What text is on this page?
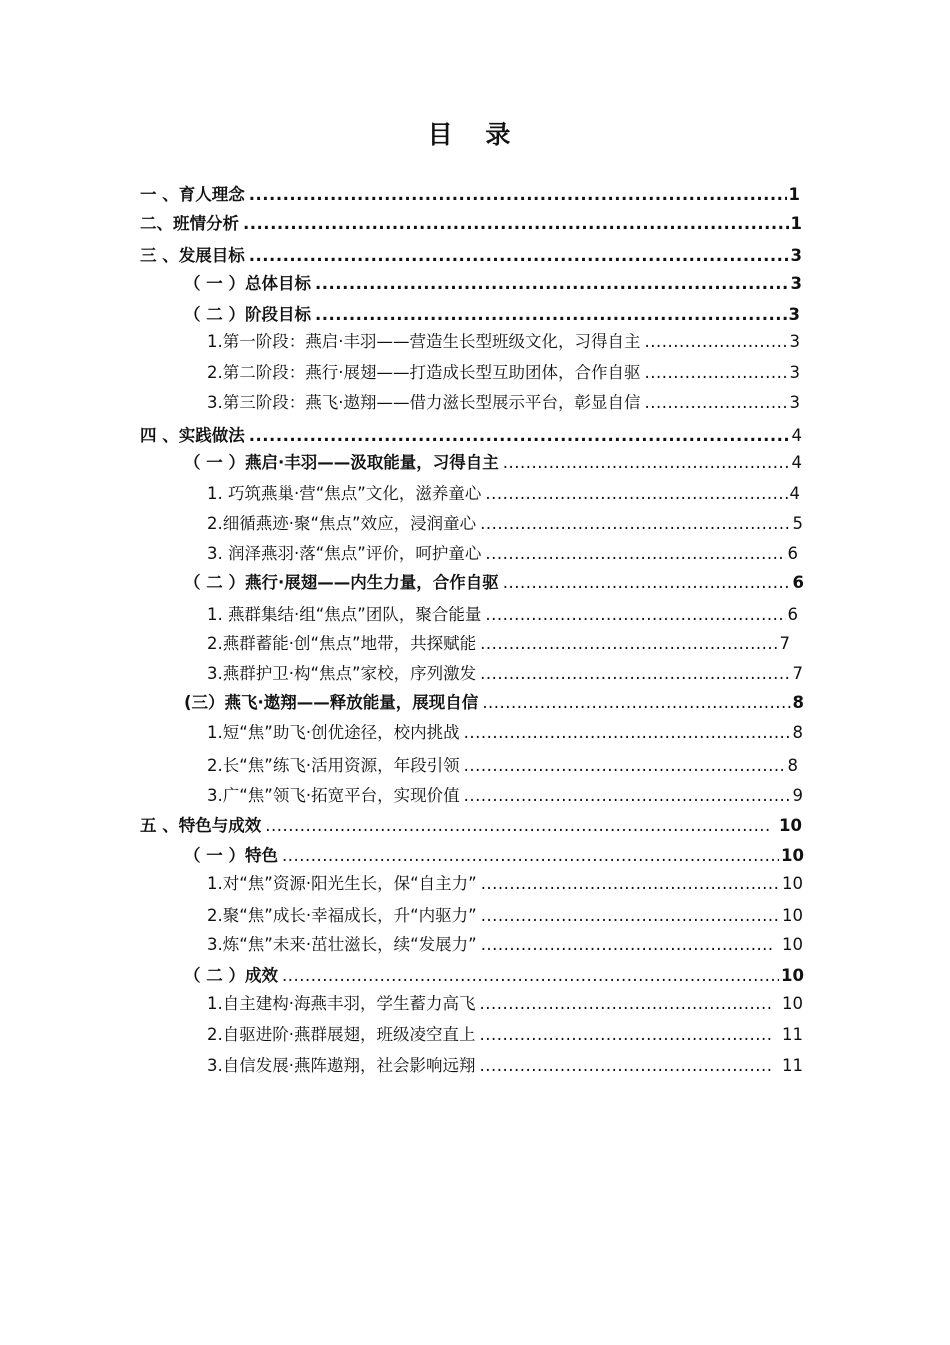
目 录
一 、育人理念 .....	1
二、班情分析 .....	1
三 、发展目标 .....	3
（ 一 ）总体目标 .....	3
（ 二 ）阶段目标 .....	3
1.第一阶段：燕启·丰羽——营造生长型班级文化，习得自主 .....	3
2.第二阶段：燕行·展翅——打造成长型互助团体，合作自驱 .....	3
3.第三阶段：燕飞·遨翔——借力滋长型展示平台，彰显自信 .....	3
四 、实践做法 .....	4
（ 一 ）燕启·丰羽——汲取能量，习得自主 .....	4
1. 巧筑燕巢·营“焦点”文化，滋养童心 .....	4
2.细循燕迹·聚“焦点”效应，浸润童心 .....	5
3. 润泽燕羽·落“焦点”评价，呵护童心 .....	6
（ 二 ）燕行·展翅——内生力量，合作自驱 .....	6
1. 燕群集结·组“焦点”团队，聚合能量 .....	6
2.燕群蓄能·创“焦点”地带，共探赋能 .....	7
3.燕群护卫·构“焦点”家校，序列激发 .....	7
(三）燕飞·遨翔——释放能量，展现自信 .....	8
1.短“焦”助飞·创优途径，校内挑战 .....	8
2.长“焦”练飞·活用资源，年段引领 .....	8
3.广“焦”领飞·拓宽平台，实现价值 .....	9
五 、特色与成效 .....	10
（ 一 ）特色 .....	10
1.对“焦”资源·阳光生长，保“自主力” .....	10
2.聚“焦”成长·幸福成长，升“内驱力” .....	10
3.炼“焦”未来·茁壮滋长，续“发展力” .....	10
（ 二 ）成效 .....	10
1.自主建构·海燕丰羽，学生蓄力高飞 .....	10
2.自驱进阶·燕群展翅，班级凌空直上 .....	11
3.自信发展·燕阵遨翔，社会影响远翔 .....	11
